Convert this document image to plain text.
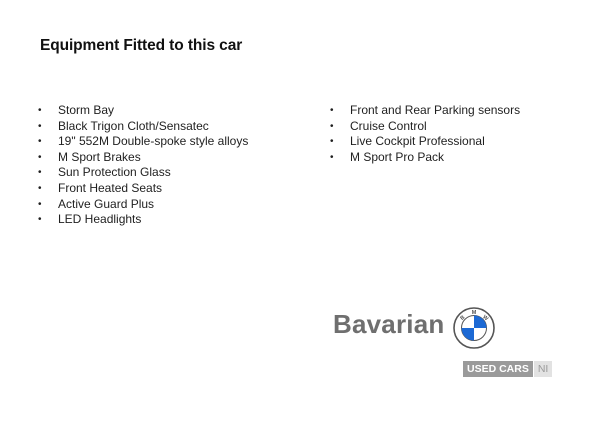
Equipment Fitted to this car
• Storm Bay
• Black Trigon Cloth/Sensatec
• 19" 552M Double-spoke style alloys
• M Sport Brakes
• Sun Protection Glass
• Front Heated Seats
• Active Guard Plus
• LED Headlights
• Front and Rear Parking sensors
• Cruise Control
• Live Cockpit Professional
• M Sport Pro Pack
Bavarian	B
M
W
USED CARS NI
